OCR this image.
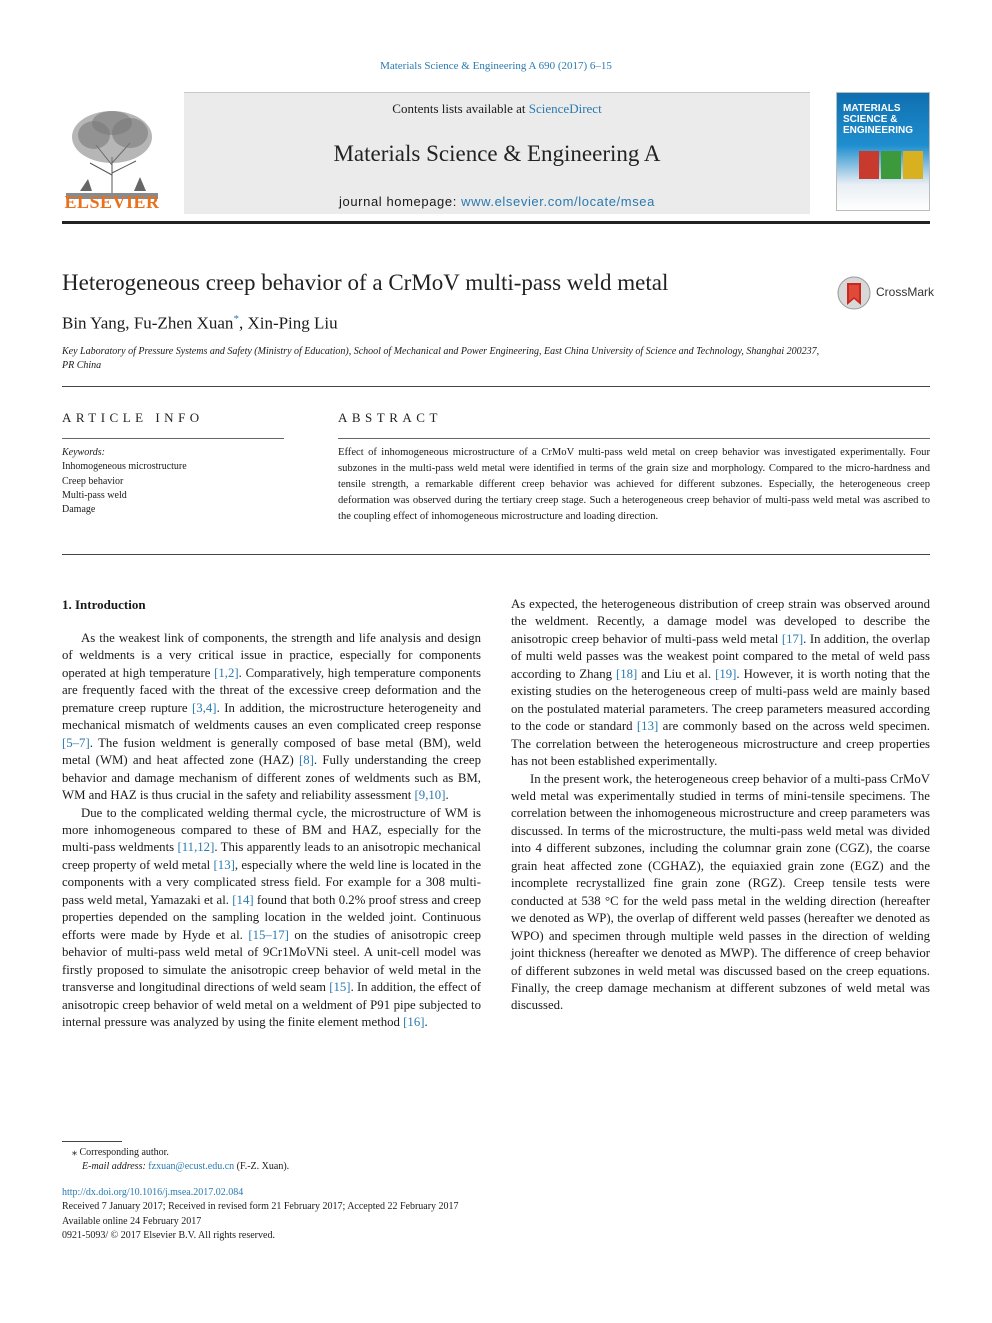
Materials Science & Engineering A 690 (2017) 6–15
ELSEVIER
Contents lists available at ScienceDirect
Materials Science & Engineering A
journal homepage: www.elsevier.com/locate/msea
MATERIALS
SCIENCE &
ENGINEERING
Heterogeneous creep behavior of a CrMoV multi-pass weld metal	CrossMark
Bin Yang, Fu-Zhen Xuan*, Xin-Ping Liu
Key Laboratory of Pressure Systems and Safety (Ministry of Education), School of Mechanical and Power Engineering, East China University of Science and Technology, Shanghai 200237, PR China
ARTICLE INFO
Keywords:
Inhomogeneous microstructure
Creep behavior
Multi-pass weld
Damage
ABSTRACT
Effect of inhomogeneous microstructure of a CrMoV multi-pass weld metal on creep behavior was investigated experimentally. Four subzones in the multi-pass weld metal were identified in terms of the grain size and morphology. Compared to the micro-hardness and tensile strength, a remarkable different creep behavior was achieved for different subzones. Especially, the heterogeneous creep deformation was observed during the tertiary creep stage. Such a heterogeneous creep behavior of multi-pass weld metal was ascribed to the coupling effect of inhomogeneous microstructure and loading direction.
1. Introduction

As the weakest link of components, the strength and life analysis and design of weldments is a very critical issue in practice, especially for components operated at high temperature [1,2]. Comparatively, high temperature components are frequently faced with the threat of the excessive creep deformation and the premature creep rupture [3,4]. In addition, the microstructure heterogeneity and mechanical mismatch of weldments causes an even complicated creep response [5–7]. The fusion weldment is generally composed of base metal (BM), weld metal (WM) and heat affected zone (HAZ) [8]. Fully understanding the creep behavior and damage mechanism of different zones of weldments such as BM, WM and HAZ is thus crucial in the safety and reliability assessment [9,10].

Due to the complicated welding thermal cycle, the microstructure of WM is more inhomogeneous compared to these of BM and HAZ, especially for the multi-pass weldments [11,12]. This apparently leads to an anisotropic mechanical creep property of weld metal [13], especially where the weld line is located in the components with a very complicated stress field. For example for a 308 multi-pass weld metal, Yamazaki et al. [14] found that both 0.2% proof stress and creep properties depended on the sampling location in the welded joint. Continuous efforts were made by Hyde et al. [15–17] on the studies of anisotropic creep behavior of multi-pass weld metal of 9Cr1MoVNi steel. A unit-cell model was firstly proposed to simulate the anisotropic creep behavior of weld metal in the transverse and longitudinal directions of weld seam [15]. In addition, the effect of anisotropic creep behavior of weld metal on a weldment of P91 pipe subjected to internal pressure was analyzed by using the finite element method [16].

As expected, the heterogeneous distribution of creep strain was observed around the weldment. Recently, a damage model was developed to describe the anisotropic creep behavior of multi-pass weld metal [17]. In addition, the overlap of multi weld passes was the weakest point compared to the metal of weld pass according to Zhang [18] and Liu et al. [19]. However, it is worth noting that the existing studies on the heterogeneous creep of multi-pass weld are mainly based on the postulated material parameters. The creep parameters measured according to the code or standard [13] are commonly based on the across weld specimen. The correlation between the heterogeneous microstructure and creep properties has not been established experimentally.

In the present work, the heterogeneous creep behavior of a multi-pass CrMoV weld metal was experimentally studied in terms of mini-tensile specimens. The correlation between the inhomogeneous microstructure and creep parameters was discussed. In terms of the microstructure, the multi-pass weld metal was divided into 4 different subzones, including the columnar grain zone (CGZ), the coarse grain heat affected zone (CGHAZ), the equiaxied grain zone (EGZ) and the incomplete recrystallized fine grain zone (RGZ). Creep tensile tests were conducted at 538 °C for the weld pass metal in the welding direction (hereafter we denoted as WP), the overlap of different weld passes (hereafter we denoted as WPO) and specimen through multiple weld passes in the direction of welding joint thickness (hereafter we denoted as MWP). The difference of creep behavior of different subzones in weld metal was discussed based on the creep equations. Finally, the creep damage mechanism at different subzones of weld metal was discussed.

⁎ Corresponding author.
E-mail address: fzxuan@ecust.edu.cn (F.-Z. Xuan).
http://dx.doi.org/10.1016/j.msea.2017.02.084
Received 7 January 2017; Received in revised form 21 February 2017; Accepted 22 February 2017
Available online 24 February 2017
0921-5093/ © 2017 Elsevier B.V. All rights reserved.
